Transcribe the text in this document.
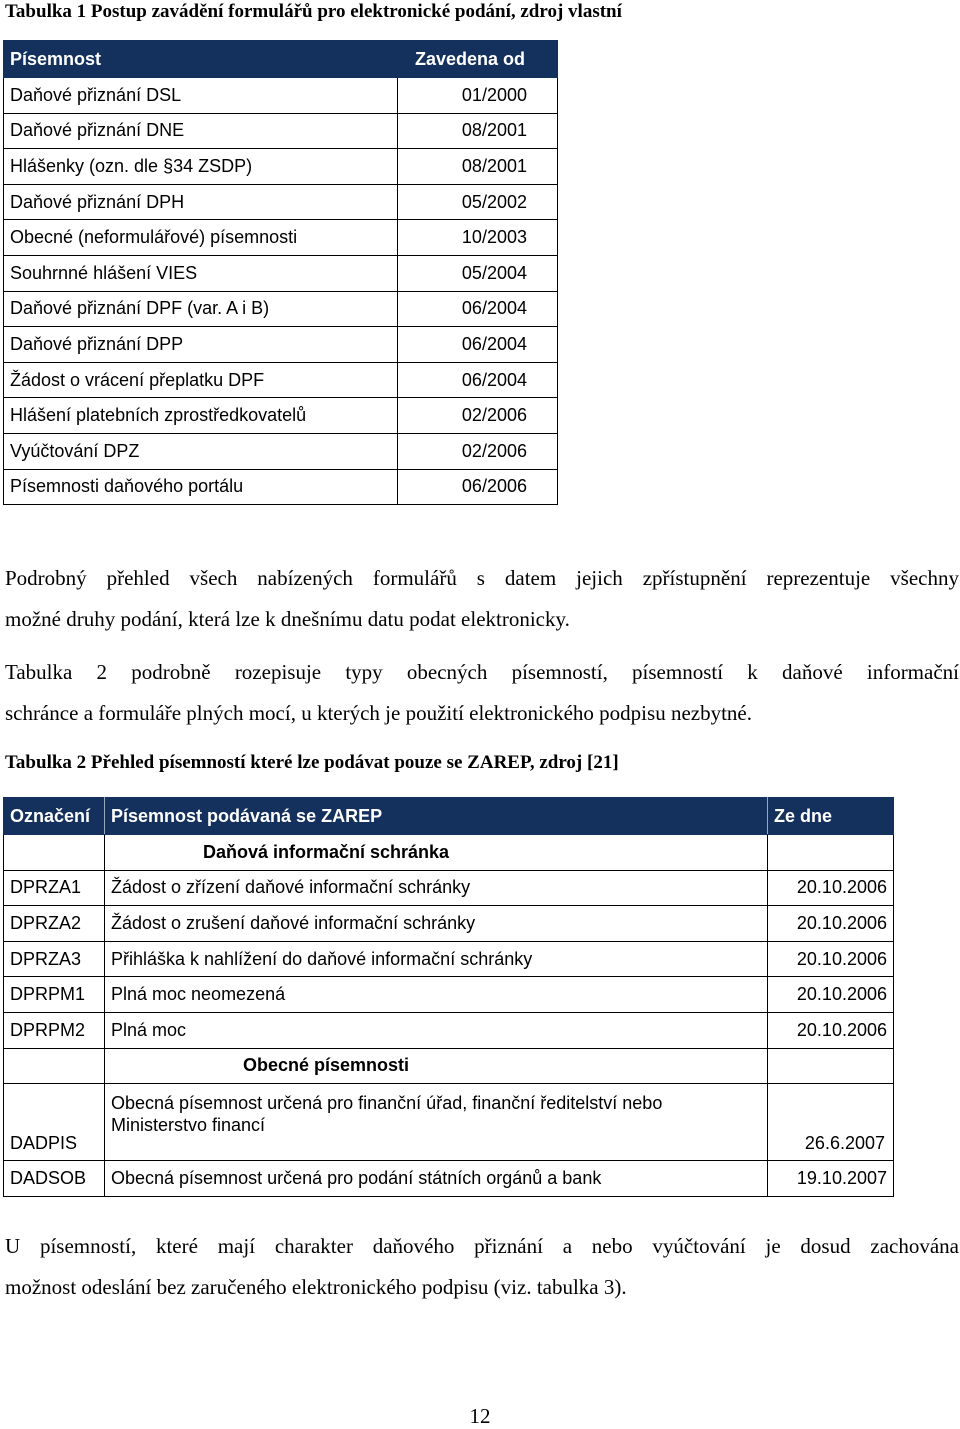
Tabulka 1 Postup zavádění formulářů pro elektronické podání, zdroj vlastní
Písemnost	Zavedena od
Daňové přiznání DSL	01/2000
Daňové přiznání DNE	08/2001
Hlášenky (ozn. dle §34 ZSDP)	08/2001
Daňové přiznání DPH	05/2002
Obecné (neformulářové) písemnosti	10/2003
Souhrnné hlášení VIES	05/2004
Daňové přiznání DPF (var. A i B)	06/2004
Daňové přiznání DPP	06/2004
Žádost o vrácení přeplatku DPF	06/2004
Hlášení platebních zprostředkovatelů	02/2006
Vyúčtování DPZ	02/2006
Písemnosti daňového portálu	06/2006
Podrobný přehled všech nabízených formulářů s datem jejich zpřístupnění reprezentuje všechny
možné druhy podání, která lze k dnešnímu datu podat elektronicky.
Tabulka 2 podrobně rozepisuje typy obecných písemností, písemností k daňové informační
schránce a formuláře plných mocí, u kterých je použití elektronického podpisu nezbytné.
Tabulka 2 Přehled písemností které lze podávat pouze se ZAREP, zdroj [21]
Označení	Písemnost podávaná se ZAREP	Ze dne
	Daňová informační schránka	
DPRZA1	Žádost o zřízení daňové informační schránky	20.10.2006
DPRZA2	Žádost o zrušení daňové informační schránky	20.10.2006
DPRZA3	Přihláška k nahlížení do daňové informační schránky	20.10.2006
DPRPM1	Plná moc neomezená	20.10.2006
DPRPM2	Plná moc	20.10.2006
	Obecné písemnosti	
DADPIS	Obecná písemnost určená pro finanční úřad, finanční ředitelství nebo Ministerstvo financí	26.6.2007
DADSOB	Obecná písemnost určená pro podání státních orgánů a bank	19.10.2007
U písemností, které mají charakter daňového přiznání a nebo vyúčtování je dosud zachována
možnost odeslání bez zaručeného elektronického podpisu (viz. tabulka 3).
12
